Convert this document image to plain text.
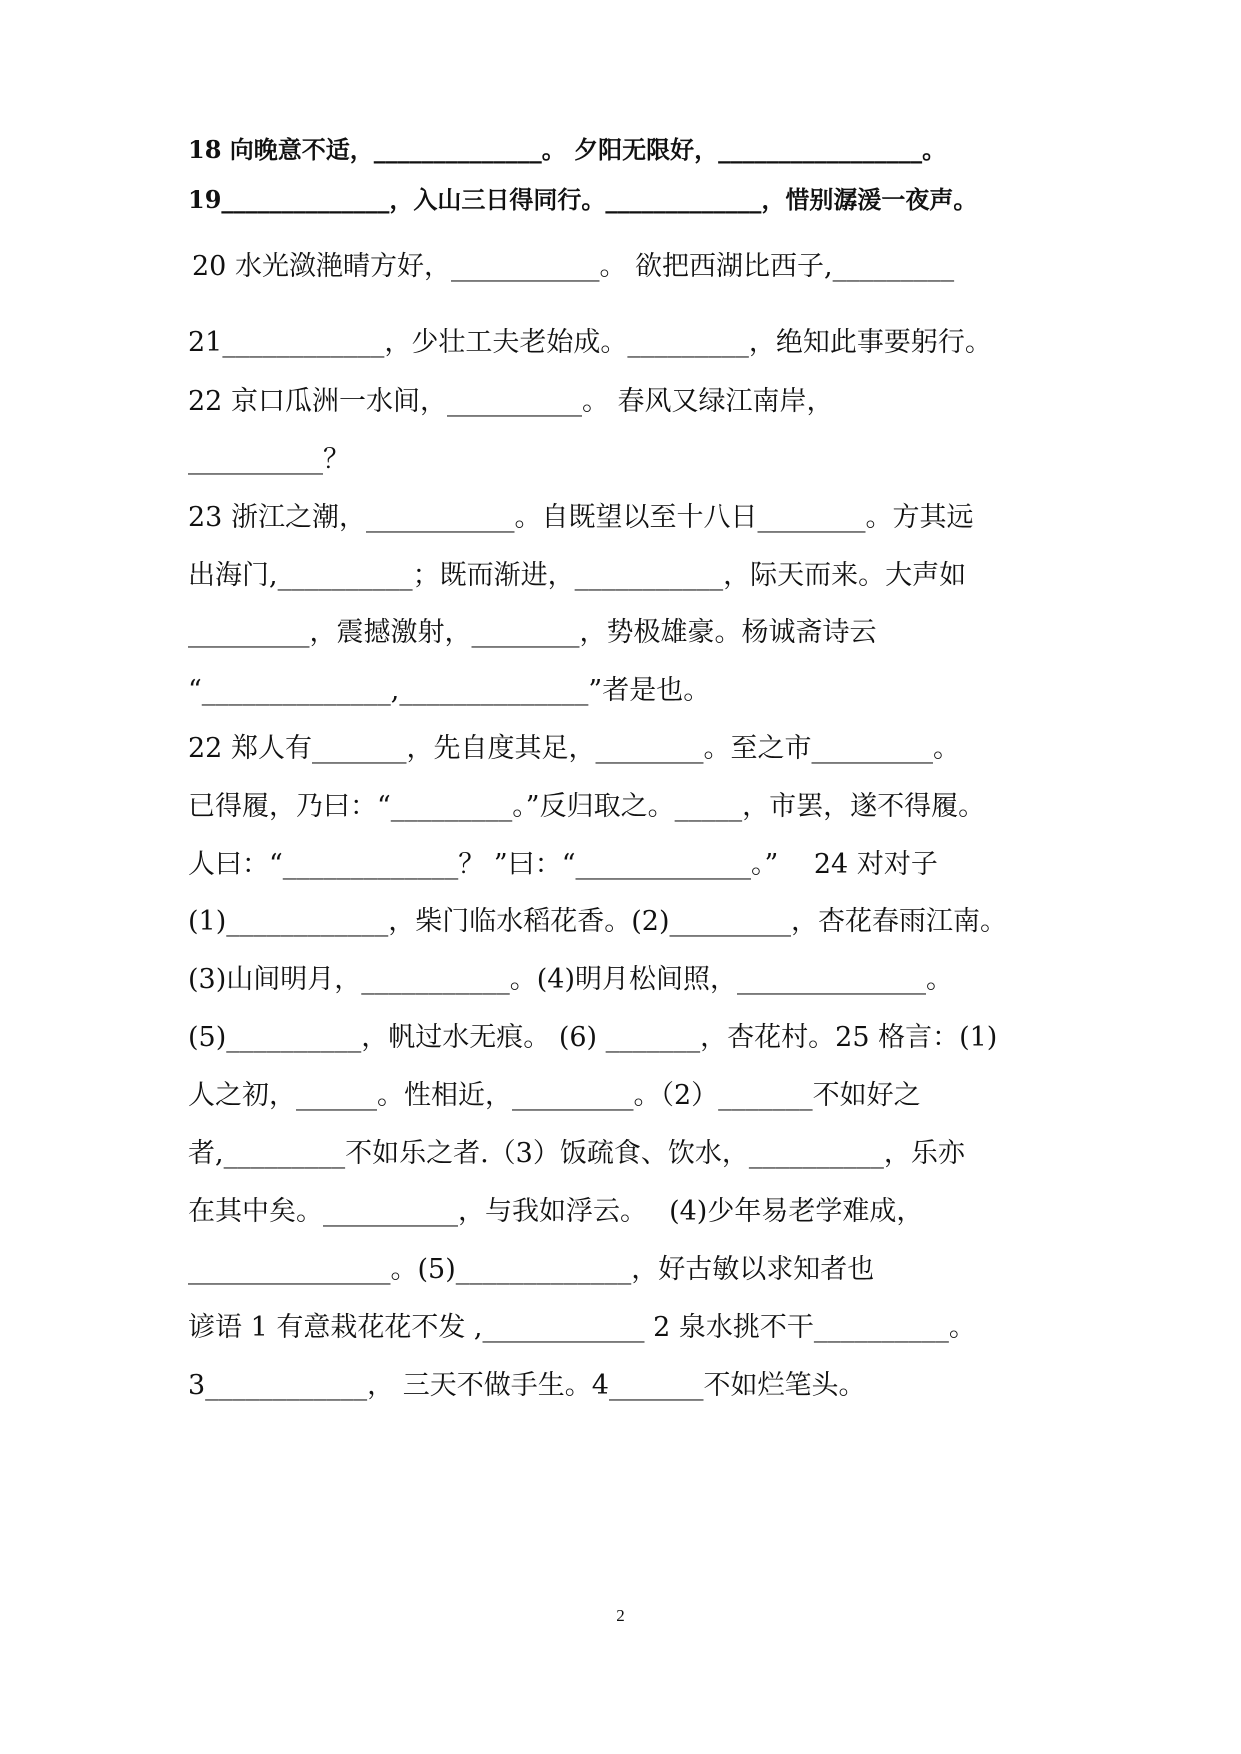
18 向晚意不适，______________。 夕阳无限好，_________________。
19______________，入山三日得同行。_____________，惜别潺湲一夜声。
20 水光潋滟晴方好，___________。 欲把西湖比西子,_________
21____________，少壮工夫老始成。_________，绝知此事要躬行。
22 京口瓜洲一水间，__________。 春风又绿江南岸，
__________？
23 浙江之潮，___________。自既望以至十八日________。方其远
出海门,__________；既而渐进，___________，际天而来。大声如
_________，震撼激射，________，势极雄豪。杨诚斋诗云
“______________,______________”者是也。
22 郑人有_______，先自度其足，________。至之市_________。
已得履，乃曰：“_________。”反归取之。_____，市罢，遂不得履。
人曰：“_____________？ ”曰：“_____________。”　 24 对对子
(1)____________，柴门临水稻花香。(2)_________，杏花春雨江南。
(3)山间明月，___________。(4)明月松间照，______________。
(5)__________，帆过水无痕。 (6) _______，杏花村。25 格言：(1)
人之初，______。性相近，_________。（2）_______不如好之
者,_________不如乐之者.（3）饭疏食、饮水，__________，乐亦
在其中矣。__________，与我如浮云。　 (4)少年易老学难成，
_______________。(5)_____________，好古敏以求知者也
谚语 1 有意栽花花不发 ,____________ 2 泉水挑不干__________。
3____________， 三天不做手生。4_______不如烂笔头。
2
